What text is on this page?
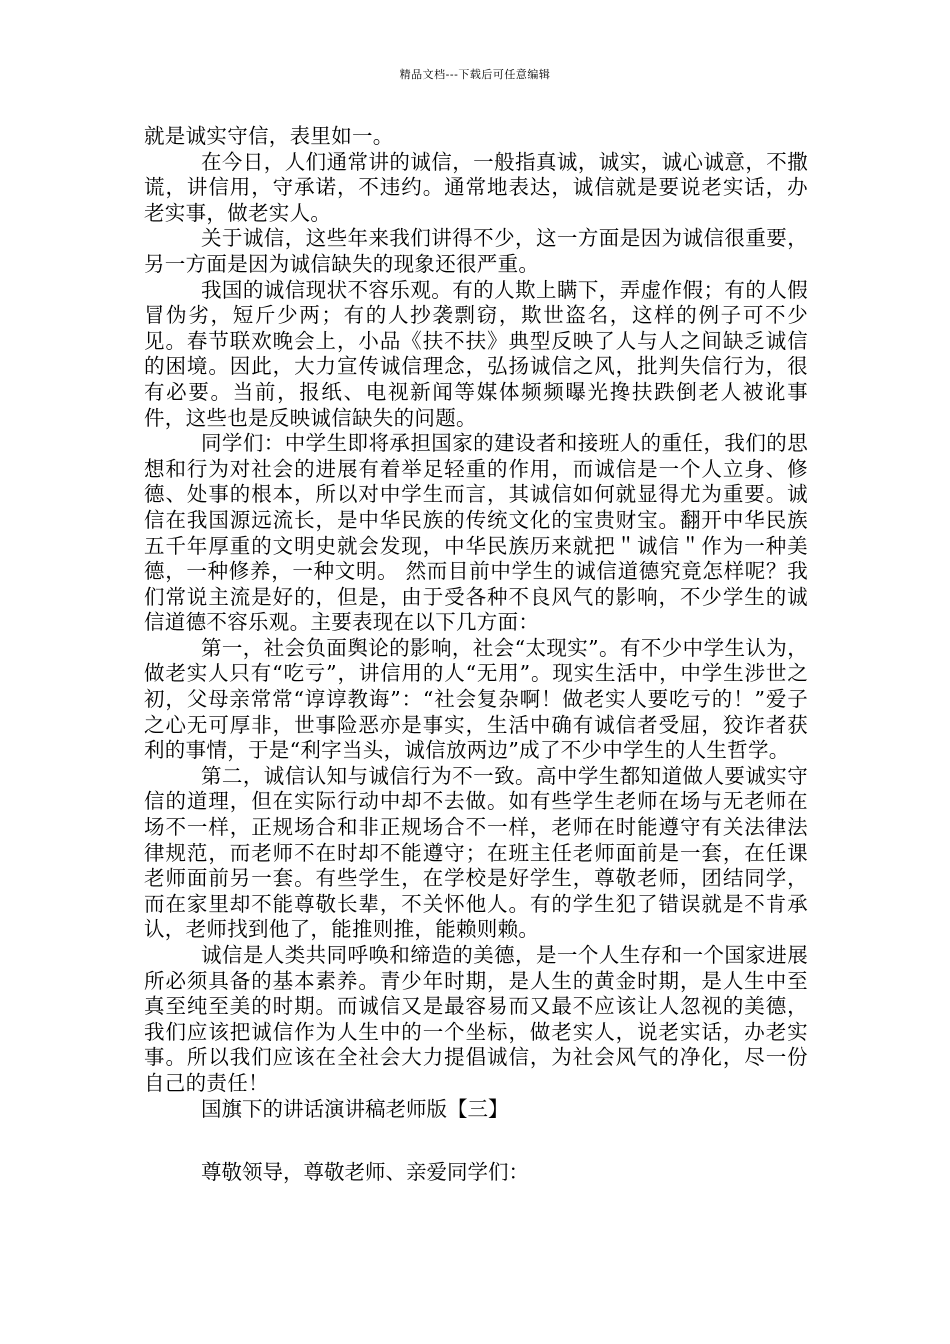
精品文档---下载后可任意编辑

就是诚实守信，表里如一。

在今日，人们通常讲的诚信，一般指真诚，诚实，诚心诚意，不撒谎，讲信用，守承诺，不违约。通常地表达，诚信就是要说老实话，办老实事，做老实人。

关于诚信，这些年来我们讲得不少，这一方面是因为诚信很重要，另一方面是因为诚信缺失的现象还很严重。

我国的诚信现状不容乐观。有的人欺上瞒下，弄虚作假；有的人假冒伪劣，短斤少两；有的人抄袭剽窃，欺世盗名，这样的例子可不少见。春节联欢晚会上，小品《扶不扶》典型反映了人与人之间缺乏诚信的困境。因此，大力宣传诚信理念，弘扬诚信之风，批判失信行为，很有必要。当前，报纸、电视新闻等媒体频频曝光搀扶跌倒老人被讹事件，这些也是反映诚信缺失的问题。

同学们：中学生即将承担国家的建设者和接班人的重任，我们的思想和行为对社会的进展有着举足轻重的作用，而诚信是一个人立身、修德、处事的根本，所以对中学生而言，其诚信如何就显得尤为重要。诚信在我国源远流长，是中华民族的传统文化的宝贵财宝。翻开中华民族五千年厚重的文明史就会发现，中华民族历来就把＂诚信＂作为一种美德，一种修养，一种文明。 然而目前中学生的诚信道德究竟怎样呢？我们常说主流是好的，但是，由于受各种不良风气的影响，不少学生的诚信道德不容乐观。主要表现在以下几方面：

第一，社会负面舆论的影响，社会“太现实”。有不少中学生认为，做老实人只有“吃亏”，讲信用的人“无用”。现实生活中，中学生涉世之初，父母亲常常“谆谆教诲”：“社会复杂啊！做老实人要吃亏的！”爱子之心无可厚非，世事险恶亦是事实，生活中确有诚信者受屈，狡诈者获利的事情，于是“利字当头，诚信放两边”成了不少中学生的人生哲学。

第二，诚信认知与诚信行为不一致。高中学生都知道做人要诚实守信的道理，但在实际行动中却不去做。如有些学生老师在场与无老师在场不一样，正规场合和非正规场合不一样，老师在时能遵守有关法律法律规范，而老师不在时却不能遵守；在班主任老师面前是一套，在任课老师面前另一套。有些学生，在学校是好学生，尊敬老师，团结同学，而在家里却不能尊敬长辈，不关怀他人。有的学生犯了错误就是不肯承认，老师找到他了，能推则推，能赖则赖。

诚信是人类共同呼唤和缔造的美德，是一个人生存和一个国家进展所必须具备的基本素养。青少年时期，是人生的黄金时期，是人生中至真至纯至美的时期。而诚信又是最容易而又最不应该让人忽视的美德，我们应该把诚信作为人生中的一个坐标，做老实人，说老实话，办老实事。所以我们应该在全社会大力提倡诚信，为社会风气的净化，尽一份自己的责任！

国旗下的讲话演讲稿老师版【三】

尊敬领导，尊敬老师、亲爱同学们：
